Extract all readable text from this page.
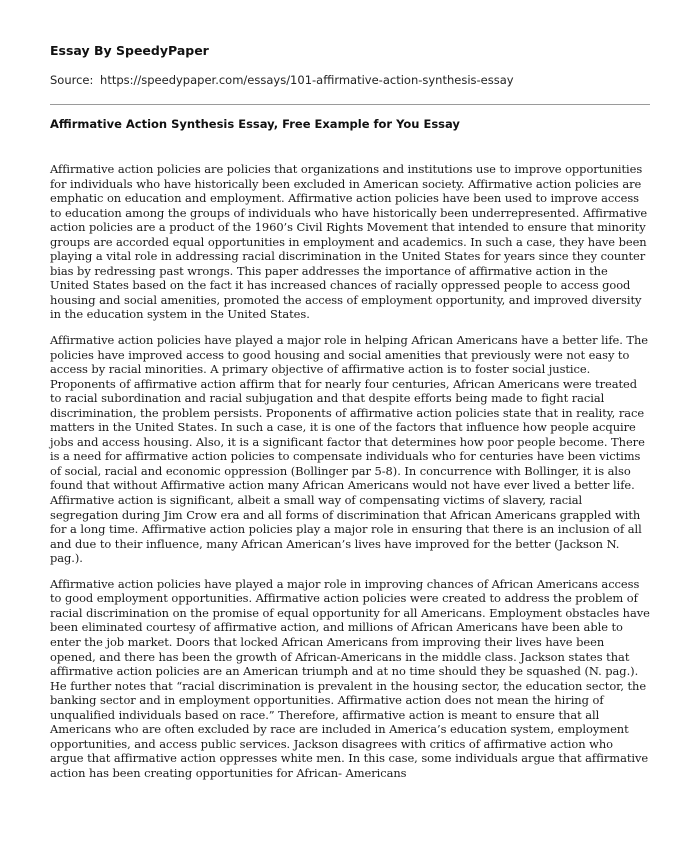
Essay By SpeedyPaper
Source: https://speedypaper.com/essays/101-affirmative-action-synthesis-essay
Affirmative Action Synthesis Essay, Free Example for You Essay

Affirmative action policies are policies that organizations and institutions use to improve opportunities for individuals who have historically been excluded in American society. Affirmative action policies are emphatic on education and employment. Affirmative action policies have been used to improve access to education among the groups of individuals who have historically been underrepresented. Affirmative action policies are a product of the 1960’s Civil Rights Movement that intended to ensure that minority groups are accorded equal opportunities in employment and academics. In such a case, they have been playing a vital role in addressing racial discrimination in the United States for years since they counter bias by redressing past wrongs. This paper addresses the importance of affirmative action in the United States based on the fact it has increased chances of racially oppressed people to access good housing and social amenities, promoted the access of employment opportunity, and improved diversity in the education system in the United States.

Affirmative action policies have played a major role in helping African Americans have a better life. The policies have improved access to good housing and social amenities that previously were not easy to access by racial minorities. A primary objective of affirmative action is to foster social justice. Proponents of affirmative action affirm that for nearly four centuries, African Americans were treated to racial subordination and racial subjugation and that despite efforts being made to fight racial discrimination, the problem persists. Proponents of affirmative action policies state that in reality, race matters in the United States. In such a case, it is one of the factors that influence how people acquire jobs and access housing. Also, it is a significant factor that determines how poor people become. There is a need for affirmative action policies to compensate individuals who for centuries have been victims of social, racial and economic oppression (Bollinger par 5-8). In concurrence with Bollinger, it is also found that without Affirmative action many African Americans would not have ever lived a better life. Affirmative action is significant, albeit a small way of compensating victims of slavery, racial segregation during Jim Crow era and all forms of discrimination that African Americans grappled with for a long time. Affirmative action policies play a major role in ensuring that there is an inclusion of all and due to their influence, many African American’s lives have improved for the better (Jackson N. pag.).

Affirmative action policies have played a major role in improving chances of African Americans access to good employment opportunities. Affirmative action policies were created to address the problem of racial discrimination on the promise of equal opportunity for all Americans. Employment obstacles have been eliminated courtesy of affirmative action, and millions of African Americans have been able to enter the job market. Doors that locked African Americans from improving their lives have been opened, and there has been the growth of African-Americans in the middle class. Jackson states that affirmative action policies are an American triumph and at no time should they be squashed (N. pag.). He further notes that “racial discrimination is prevalent in the housing sector, the education sector, the banking sector and in employment opportunities. Affirmative action does not mean the hiring of unqualified individuals based on race.” Therefore, affirmative action is meant to ensure that all Americans who are often excluded by race are included in America’s education system, employment opportunities, and access public services. Jackson disagrees with critics of affirmative action who argue that affirmative action oppresses white men. In this case, some individuals argue that affirmative action has been creating opportunities for African- Americans
